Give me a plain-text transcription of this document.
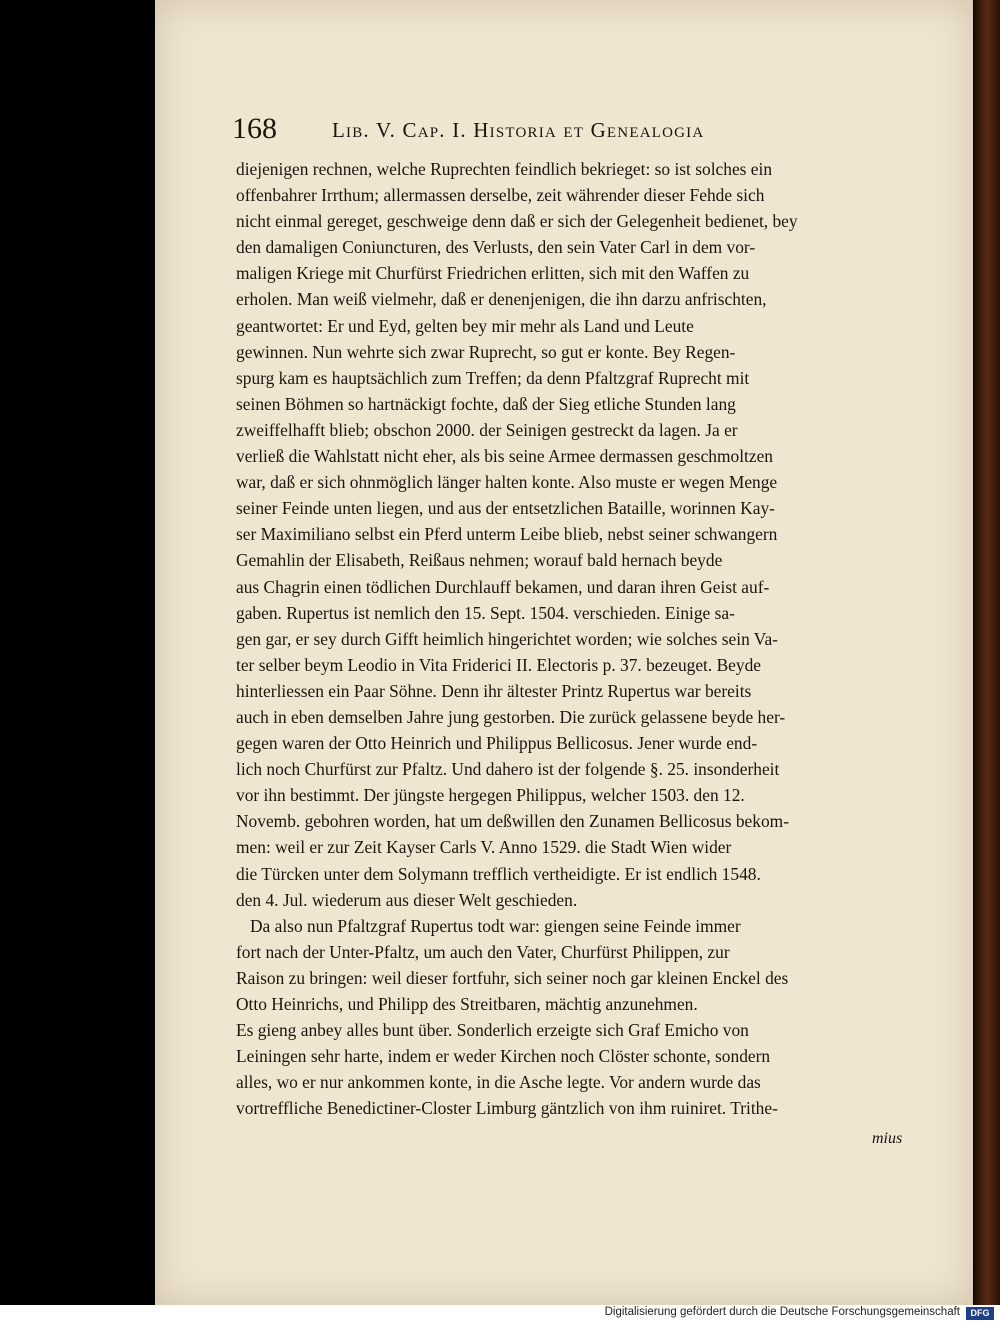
168	Lib. V. Cap. I. Historia et Genealogia
diejenigen rechnen, welche Ruprechten feindlich bekrieget: so ist solches ein
offenbahrer Irrthum; allermassen derselbe, zeit währender dieser Fehde sich
nicht einmal gereget, geschweige denn daß er sich der Gelegenheit bedienet, bey
den damaligen Coniuncturen, des Verlusts, den sein Vater Carl in dem vor-
maligen Kriege mit Churfürst Friedrichen erlitten, sich mit den Waffen zu
erholen. Man weiß vielmehr, daß er denenjenigen, die ihn darzu anfrischten,
geantwortet: Er und Eyd, gelten bey mir mehr als Land und Leute
gewinnen. Nun wehrte sich zwar Ruprecht, so gut er konte. Bey Regen-
spurg kam es hauptsächlich zum Treffen; da denn Pfaltzgraf Ruprecht mit
seinen Böhmen so hartnäckigt fochte, daß der Sieg etliche Stunden lang
zweiffelhafft blieb; obschon 2000. der Seinigen gestreckt da lagen. Ja er
verließ die Wahlstatt nicht eher, als bis seine Armee dermassen geschmoltzen
war, daß er sich ohnmöglich länger halten konte. Also muste er wegen Menge
seiner Feinde unten liegen, und aus der entsetzlichen Bataille, worinnen Kay-
ser Maximiliano selbst ein Pferd unterm Leibe blieb, nebst seiner schwangern
Gemahlin der Elisabeth, Reißaus nehmen; worauf bald hernach beyde
aus Chagrin einen tödlichen Durchlauff bekamen, und daran ihren Geist auf-
gaben. Rupertus ist nemlich den 15. Sept. 1504. verschieden. Einige sa-
gen gar, er sey durch Gifft heimlich hingerichtet worden; wie solches sein Va-
ter selber beym Leodio in Vita Friderici II. Electoris p. 37. bezeuget. Beyde
hinterliessen ein Paar Söhne. Denn ihr ältester Printz Rupertus war bereits
auch in eben demselben Jahre jung gestorben. Die zurück gelassene beyde her-
gegen waren der Otto Heinrich und Philippus Bellicosus. Jener wurde end-
lich noch Churfürst zur Pfaltz. Und dahero ist der folgende §. 25. insonderheit
vor ihn bestimmt. Der jüngste hergegen Philippus, welcher 1503. den 12.
Novemb. gebohren worden, hat um deßwillen den Zunamen Bellicosus bekom-
men: weil er zur Zeit Kayser Carls V. Anno 1529. die Stadt Wien wider
die Türcken unter dem Solymann trefflich vertheidigte. Er ist endlich 1548.
den 4. Jul. wiederum aus dieser Welt geschieden.
Da also nun Pfaltzgraf Rupertus todt war: giengen seine Feinde immer
fort nach der Unter-Pfaltz, um auch den Vater, Churfürst Philippen, zur
Raison zu bringen: weil dieser fortfuhr, sich seiner noch gar kleinen Enckel des
Otto Heinrichs, und Philipp des Streitbaren, mächtig anzunehmen.
Es gieng anbey alles bunt über. Sonderlich erzeigte sich Graf Emicho von
Leiningen sehr harte, indem er weder Kirchen noch Clöster schonte, sondern
alles, wo er nur ankommen konte, in die Asche legte. Vor andern wurde das
vortreffliche Benedictiner-Closter Limburg gäntzlich von ihm ruiniret. Trithe-
mius
Digitalisierung gefördert durch die Deutsche Forschungsgemeinschaft	DFG
